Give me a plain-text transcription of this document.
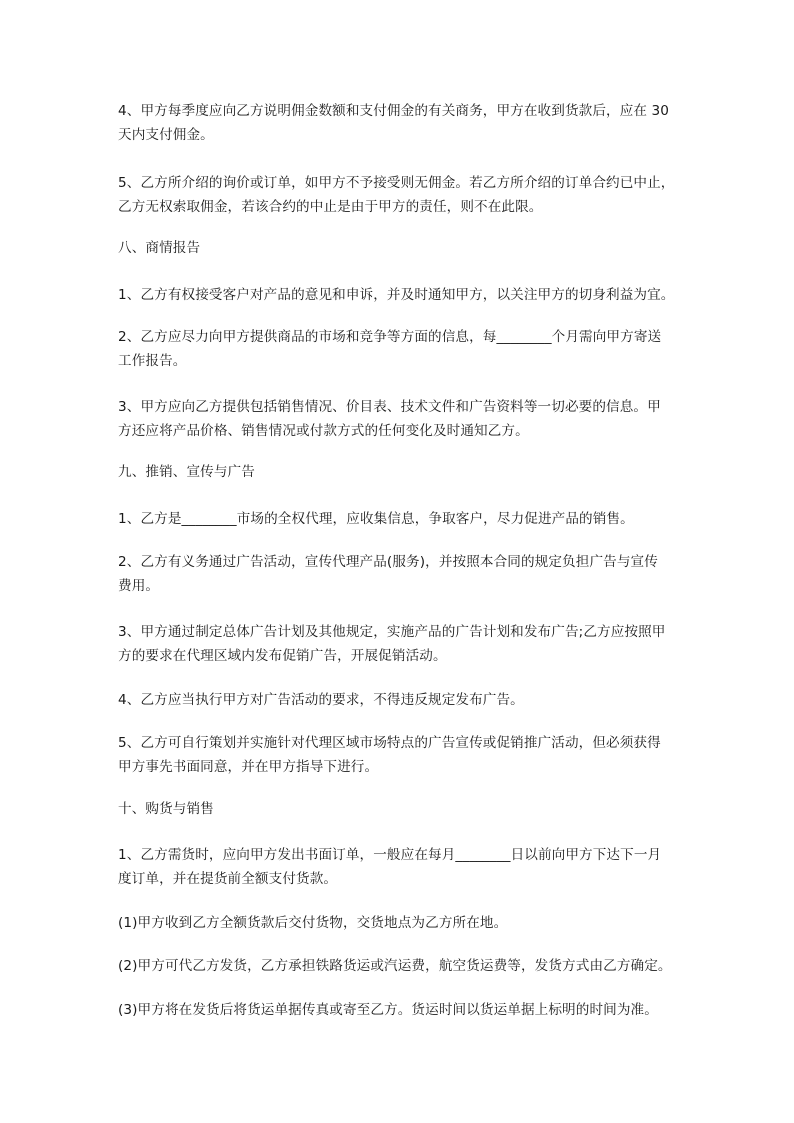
4、甲方每季度应向乙方说明佣金数额和支付佣金的有关商务，甲方在收到货款后，应在 30
天内支付佣金。
5、乙方所介绍的询价或订单，如甲方不予接受则无佣金。若乙方所介绍的订单合约已中止，
乙方无权索取佣金，若该合约的中止是由于甲方的责任，则不在此限。
八、商情报告
1、乙方有权接受客户对产品的意见和申诉，并及时通知甲方，以关注甲方的切身利益为宜。
2、乙方应尽力向甲方提供商品的市场和竞争等方面的信息，每________个月需向甲方寄送
工作报告。
3、甲方应向乙方提供包括销售情况、价目表、技术文件和广告资料等一切必要的信息。甲
方还应将产品价格、销售情况或付款方式的任何变化及时通知乙方。
九、推销、宣传与广告
1、乙方是________市场的全权代理，应收集信息，争取客户，尽力促进产品的销售。
2、乙方有义务通过广告活动，宣传代理产品(服务)，并按照本合同的规定负担广告与宣传
费用。
3、甲方通过制定总体广告计划及其他规定，实施产品的广告计划和发布广告;乙方应按照甲
方的要求在代理区域内发布促销广告，开展促销活动。
4、乙方应当执行甲方对广告活动的要求，不得违反规定发布广告。
5、乙方可自行策划并实施针对代理区域市场特点的广告宣传或促销推广活动，但必须获得
甲方事先书面同意，并在甲方指导下进行。
十、购货与销售
1、乙方需货时，应向甲方发出书面订单，一般应在每月________日以前向甲方下达下一月
度订单，并在提货前全额支付货款。
(1)甲方收到乙方全额货款后交付货物，交货地点为乙方所在地。
(2)甲方可代乙方发货，乙方承担铁路货运或汽运费，航空货运费等，发货方式由乙方确定。
(3)甲方将在发货后将货运单据传真或寄至乙方。货运时间以货运单据上标明的时间为准。
